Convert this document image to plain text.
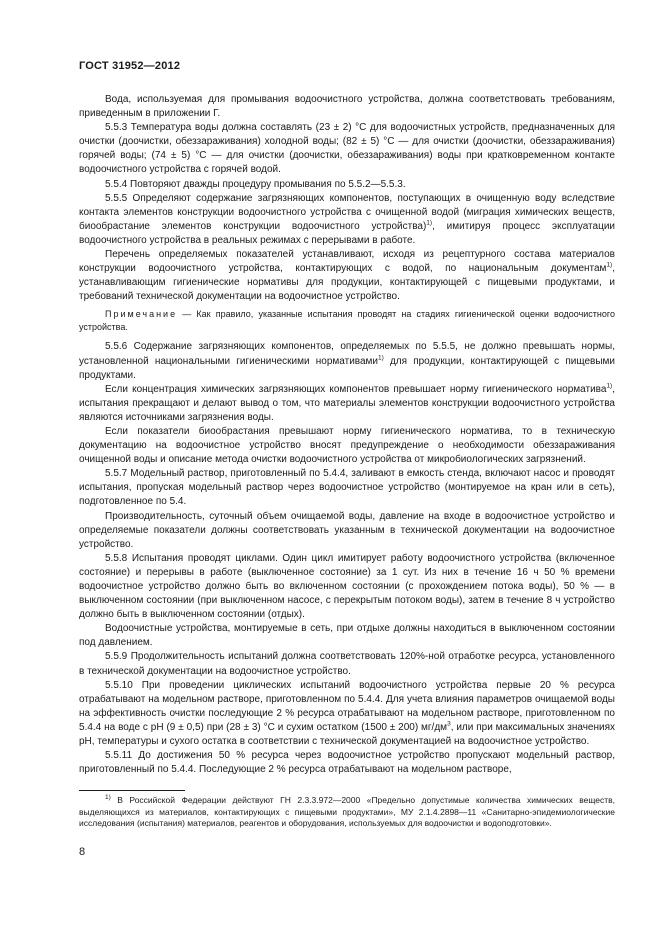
ГОСТ 31952—2012

Вода, используемая для промывания водоочистного устройства, должна соответствовать требованиям, приведенным в приложении Г.

5.5.3 Температура воды должна составлять (23 ± 2) °С для водоочистных устройств, предназначенных для очистки (доочистки, обеззараживания) холодной воды; (82 ± 5) °С — для очистки (доочистки, обеззараживания) горячей воды; (74 ± 5) °С — для очистки (доочистки, обеззараживания) воды при кратковременном контакте водоочистного устройства с горячей водой.

5.5.4 Повторяют дважды процедуру промывания по 5.5.2—5.5.3.

5.5.5 Определяют содержание загрязняющих компонентов, поступающих в очищенную воду вследствие контакта элементов конструкции водоочистного устройства с очищенной водой (миграция химических веществ, биообрастание элементов конструкции водоочистного устройства)$^{1)}$, имитируя процесс эксплуатации водоочистного устройства в реальных режимах с перерывами в работе.

Перечень определяемых показателей устанавливают, исходя из рецептурного состава материалов конструкции водоочистного устройства, контактирующих с водой, по национальным документам$^{1)}$, устанавливающим гигиенические нормативы для продукции, контактирующей с пищевыми продуктами, и требований технической документации на водоочистное устройство.

Примечание — Как правило, указанные испытания проводят на стадиях гигиенической оценки водоочистного устройства.

5.5.6 Содержание загрязняющих компонентов, определяемых по 5.5.5, не должно превышать нормы, установленной национальными гигиеническими нормативами$^{1)}$ для продукции, контактирующей с пищевыми продуктами.

Если концентрация химических загрязняющих компонентов превышает норму гигиенического норматива$^{1)}$, испытания прекращают и делают вывод о том, что материалы элементов конструкции водоочистного устройства являются источниками загрязнения воды.

Если показатели биообрастания превышают норму гигиенического норматива, то в техническую документацию на водоочистное устройство вносят предупреждение о необходимости обеззараживания очищенной воды и описание метода очистки водоочистного устройства от микробиологических загрязнений.

5.5.7 Модельный раствор, приготовленный по 5.4.4, заливают в емкость стенда, включают насос и проводят испытания, пропуская модельный раствор через водоочистное устройство (монтируемое на кран или в сеть), подготовленное по 5.4.

Производительность, суточный объем очищаемой воды, давление на входе в водоочистное устройство и определяемые показатели должны соответствовать указанным в технической документации на водоочистное устройство.

5.5.8 Испытания проводят циклами. Один цикл имитирует работу водоочистного устройства (включенное состояние) и перерывы в работе (выключенное состояние) за 1 сут. Из них в течение 16 ч 50 % времени водоочистное устройство должно быть во включенном состоянии (с прохождением потока воды), 50 % — в выключенном состоянии (при выключенном насосе, с перекрытым потоком воды), затем в течение 8 ч устройство должно быть в выключенном состоянии (отдых).

Водоочистные устройства, монтируемые в сеть, при отдыхе должны находиться в выключенном состоянии под давлением.

5.5.9 Продолжительность испытаний должна соответствовать 120%-ной отработке ресурса, установленного в технической документации на водоочистное устройство.

5.5.10 При проведении циклических испытаний водоочистного устройства первые 20 % ресурса отрабатывают на модельном растворе, приготовленном по 5.4.4. Для учета влияния параметров очищаемой воды на эффективность очистки последующие 2 % ресурса отрабатывают на модельном растворе, приготовленном по 5.4.4 на воде с pH (9 ± 0,5) при (28 ± 3) °С и сухим остатком (1500 ± 200) $мг/дм^3$, или при максимальных значениях pH, температуры и сухого остатка в соответствии с технической документацией на водоочистное устройство.

5.5.11 До достижения 50 % ресурса через водоочистное устройство пропускают модельный раствор, приготовленный по 5.4.4. Последующие 2 % ресурса отрабатывают на модельном растворе,

$^{1)}$ В Российской Федерации действуют ГН 2.3.3.972—2000 «Предельно допустимые количества химических веществ, выделяющихся из материалов, контактирующих с пищевыми продуктами», МУ 2.1.4.2898—11 «Санитарно-эпидемиологические исследования (испытания) материалов, реагентов и оборудования, используемых для водоочистки и водоподготовки».

8
